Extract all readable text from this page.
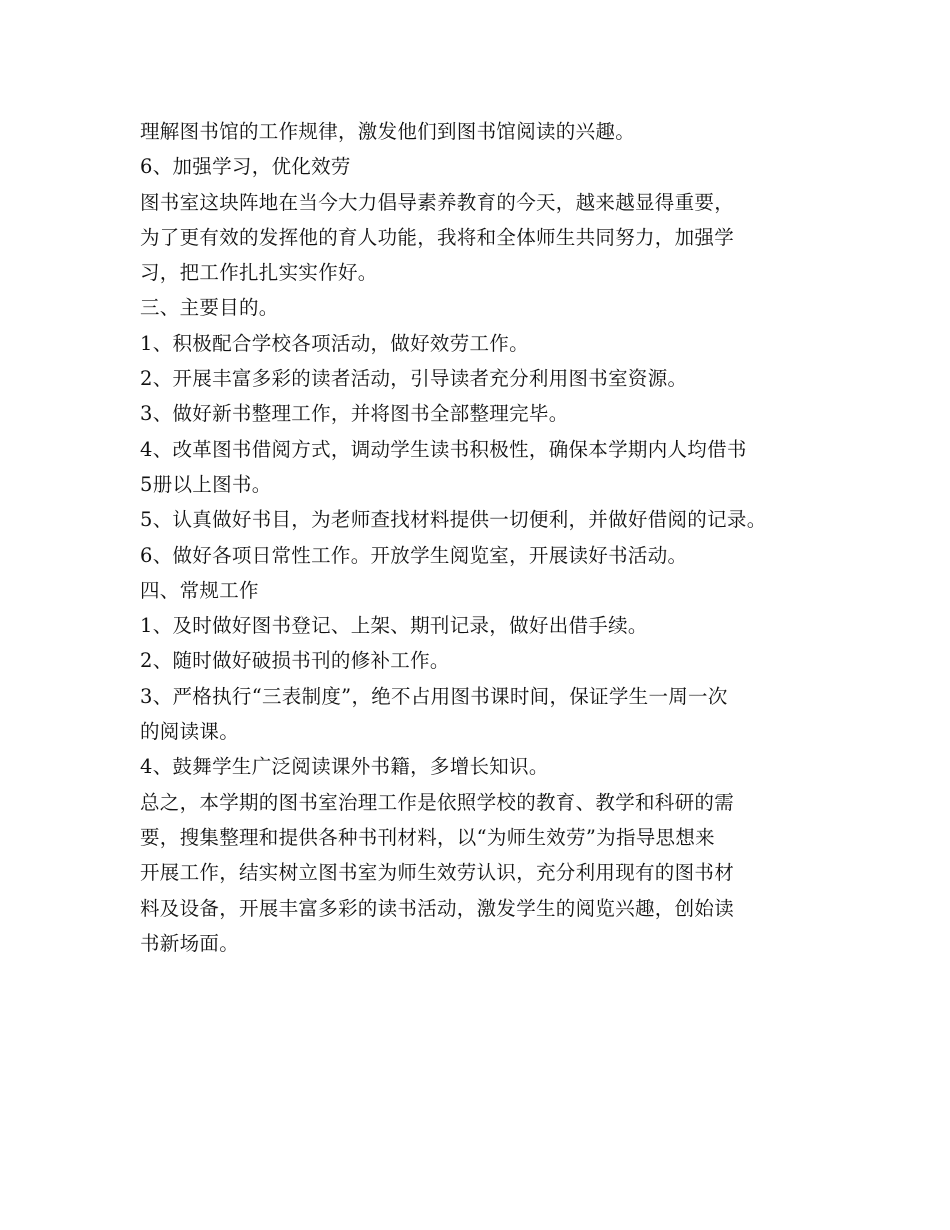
理解图书馆的工作规律，激发他们到图书馆阅读的兴趣。
6、加强学习，优化效劳
图书室这块阵地在当今大力倡导素养教育的今天，越来越显得重要，
为了更有效的发挥他的育人功能，我将和全体师生共同努力，加强学
习，把工作扎扎实实作好。
三、主要目的。
1、积极配合学校各项活动，做好效劳工作。
2、开展丰富多彩的读者活动，引导读者充分利用图书室资源。
3、做好新书整理工作，并将图书全部整理完毕。
4、改革图书借阅方式，调动学生读书积极性，确保本学期内人均借书
5册以上图书。
5、认真做好书目，为老师查找材料提供一切便利，并做好借阅的记录。
6、做好各项日常性工作。开放学生阅览室，开展读好书活动。
四、常规工作
1、及时做好图书登记、上架、期刊记录，做好出借手续。
2、随时做好破损书刊的修补工作。
3、严格执行“三表制度”，绝不占用图书课时间，保证学生一周一次
的阅读课。
4、鼓舞学生广泛阅读课外书籍，多增长知识。
总之，本学期的图书室治理工作是依照学校的教育、教学和科研的需
要，搜集整理和提供各种书刊材料，以“为师生效劳”为指导思想来
开展工作，结实树立图书室为师生效劳认识，充分利用现有的图书材
料及设备，开展丰富多彩的读书活动，激发学生的阅览兴趣，创始读
书新场面。
